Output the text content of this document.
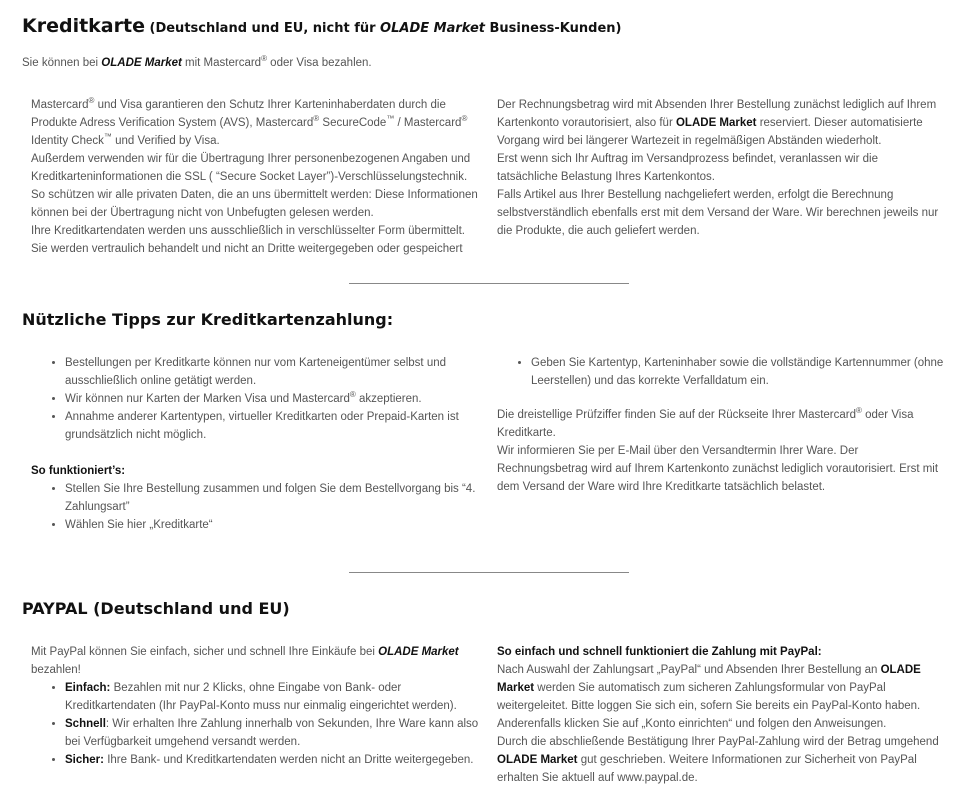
Kreditkarte (Deutschland und EU, nicht für OLADE Market Business-Kunden)
Sie können bei OLADE Market mit Mastercard® oder Visa bezahlen.
Mastercard® und Visa garantieren den Schutz Ihrer Karteninhaberdaten durch die
Produkte Adress Verification System (AVS), Mastercard® SecureCode™ / Mastercard®
Identity Check™ und Verified by Visa.
Außerdem verwenden wir für die Übertragung Ihrer personenbezogenen Angaben und
Kreditkarteninformationen die SSL ( “Secure Socket Layer”)-Verschlüsselungstechnik.
So schützen wir alle privaten Daten, die an uns übermittelt werden: Diese Informationen
können bei der Übertragung nicht von Unbefugten gelesen werden.
Ihre Kreditkartendaten werden uns ausschließlich in verschlüsselter Form übermittelt.
Sie werden vertraulich behandelt und nicht an Dritte weitergegeben oder gespeichert
Der Rechnungsbetrag wird mit Absenden Ihrer Bestellung zunächst lediglich auf Ihrem
Kartenkonto vorautorisiert, also für OLADE Market reserviert. Dieser automatisierte
Vorgang wird bei längerer Wartezeit in regelmäßigen Abständen wiederholt.
Erst wenn sich Ihr Auftrag im Versandprozess befindet, veranlassen wir die
tatsächliche Belastung Ihres Kartenkontos.
Falls Artikel aus Ihrer Bestellung nachgeliefert werden, erfolgt die Berechnung
selbstverständlich ebenfalls erst mit dem Versand der Ware. Wir berechnen jeweils nur
die Produkte, die auch geliefert werden.
Nützliche Tipps zur Kreditkartenzahlung:
• Bestellungen per Kreditkarte können nur vom Karteneigentümer selbst und
ausschließlich online getätigt werden.
• Wir können nur Karten der Marken Visa und Mastercard® akzeptieren.
• Annahme anderer Kartentypen, virtueller Kreditkarten oder Prepaid-Karten ist
grundsätzlich nicht möglich.
So funktioniert’s:
• Stellen Sie Ihre Bestellung zusammen und folgen Sie dem Bestellvorgang bis “4.
Zahlungsart”
• Wählen Sie hier „Kreditkarte“
• Geben Sie Kartentyp, Karteninhaber sowie die vollständige Kartennummer (ohne
Leerstellen) und das korrekte Verfalldatum ein.
Die dreistellige Prüfziffer finden Sie auf der Rückseite Ihrer Mastercard® oder Visa
Kreditkarte.
Wir informieren Sie per E-Mail über den Versandtermin Ihrer Ware. Der
Rechnungsbetrag wird auf Ihrem Kartenkonto zunächst lediglich vorautorisiert. Erst mit
dem Versand der Ware wird Ihre Kreditkarte tatsächlich belastet.
PAYPAL (Deutschland und EU)
Mit PayPal können Sie einfach, sicher und schnell Ihre Einkäufe bei OLADE Market
bezahlen!
• Einfach: Bezahlen mit nur 2 Klicks, ohne Eingabe von Bank- oder
Kreditkartendaten (Ihr PayPal-Konto muss nur einmalig eingerichtet werden).
• Schnell: Wir erhalten Ihre Zahlung innerhalb von Sekunden, Ihre Ware kann also
bei Verfügbarkeit umgehend versandt werden.
• Sicher: Ihre Bank- und Kreditkartendaten werden nicht an Dritte weitergegeben.
So einfach und schnell funktioniert die Zahlung mit PayPal:
Nach Auswahl der Zahlungsart „PayPal“ und Absenden Ihrer Bestellung an OLADE
Market werden Sie automatisch zum sicheren Zahlungsformular von PayPal
weitergeleitet. Bitte loggen Sie sich ein, sofern Sie bereits ein PayPal-Konto haben.
Anderenfalls klicken Sie auf „Konto einrichten“ und folgen den Anweisungen.
Durch die abschließende Bestätigung Ihrer PayPal-Zahlung wird der Betrag umgehend
OLADE Market gut geschrieben. Weitere Informationen zur Sicherheit von PayPal
erhalten Sie aktuell auf www.paypal.de.
